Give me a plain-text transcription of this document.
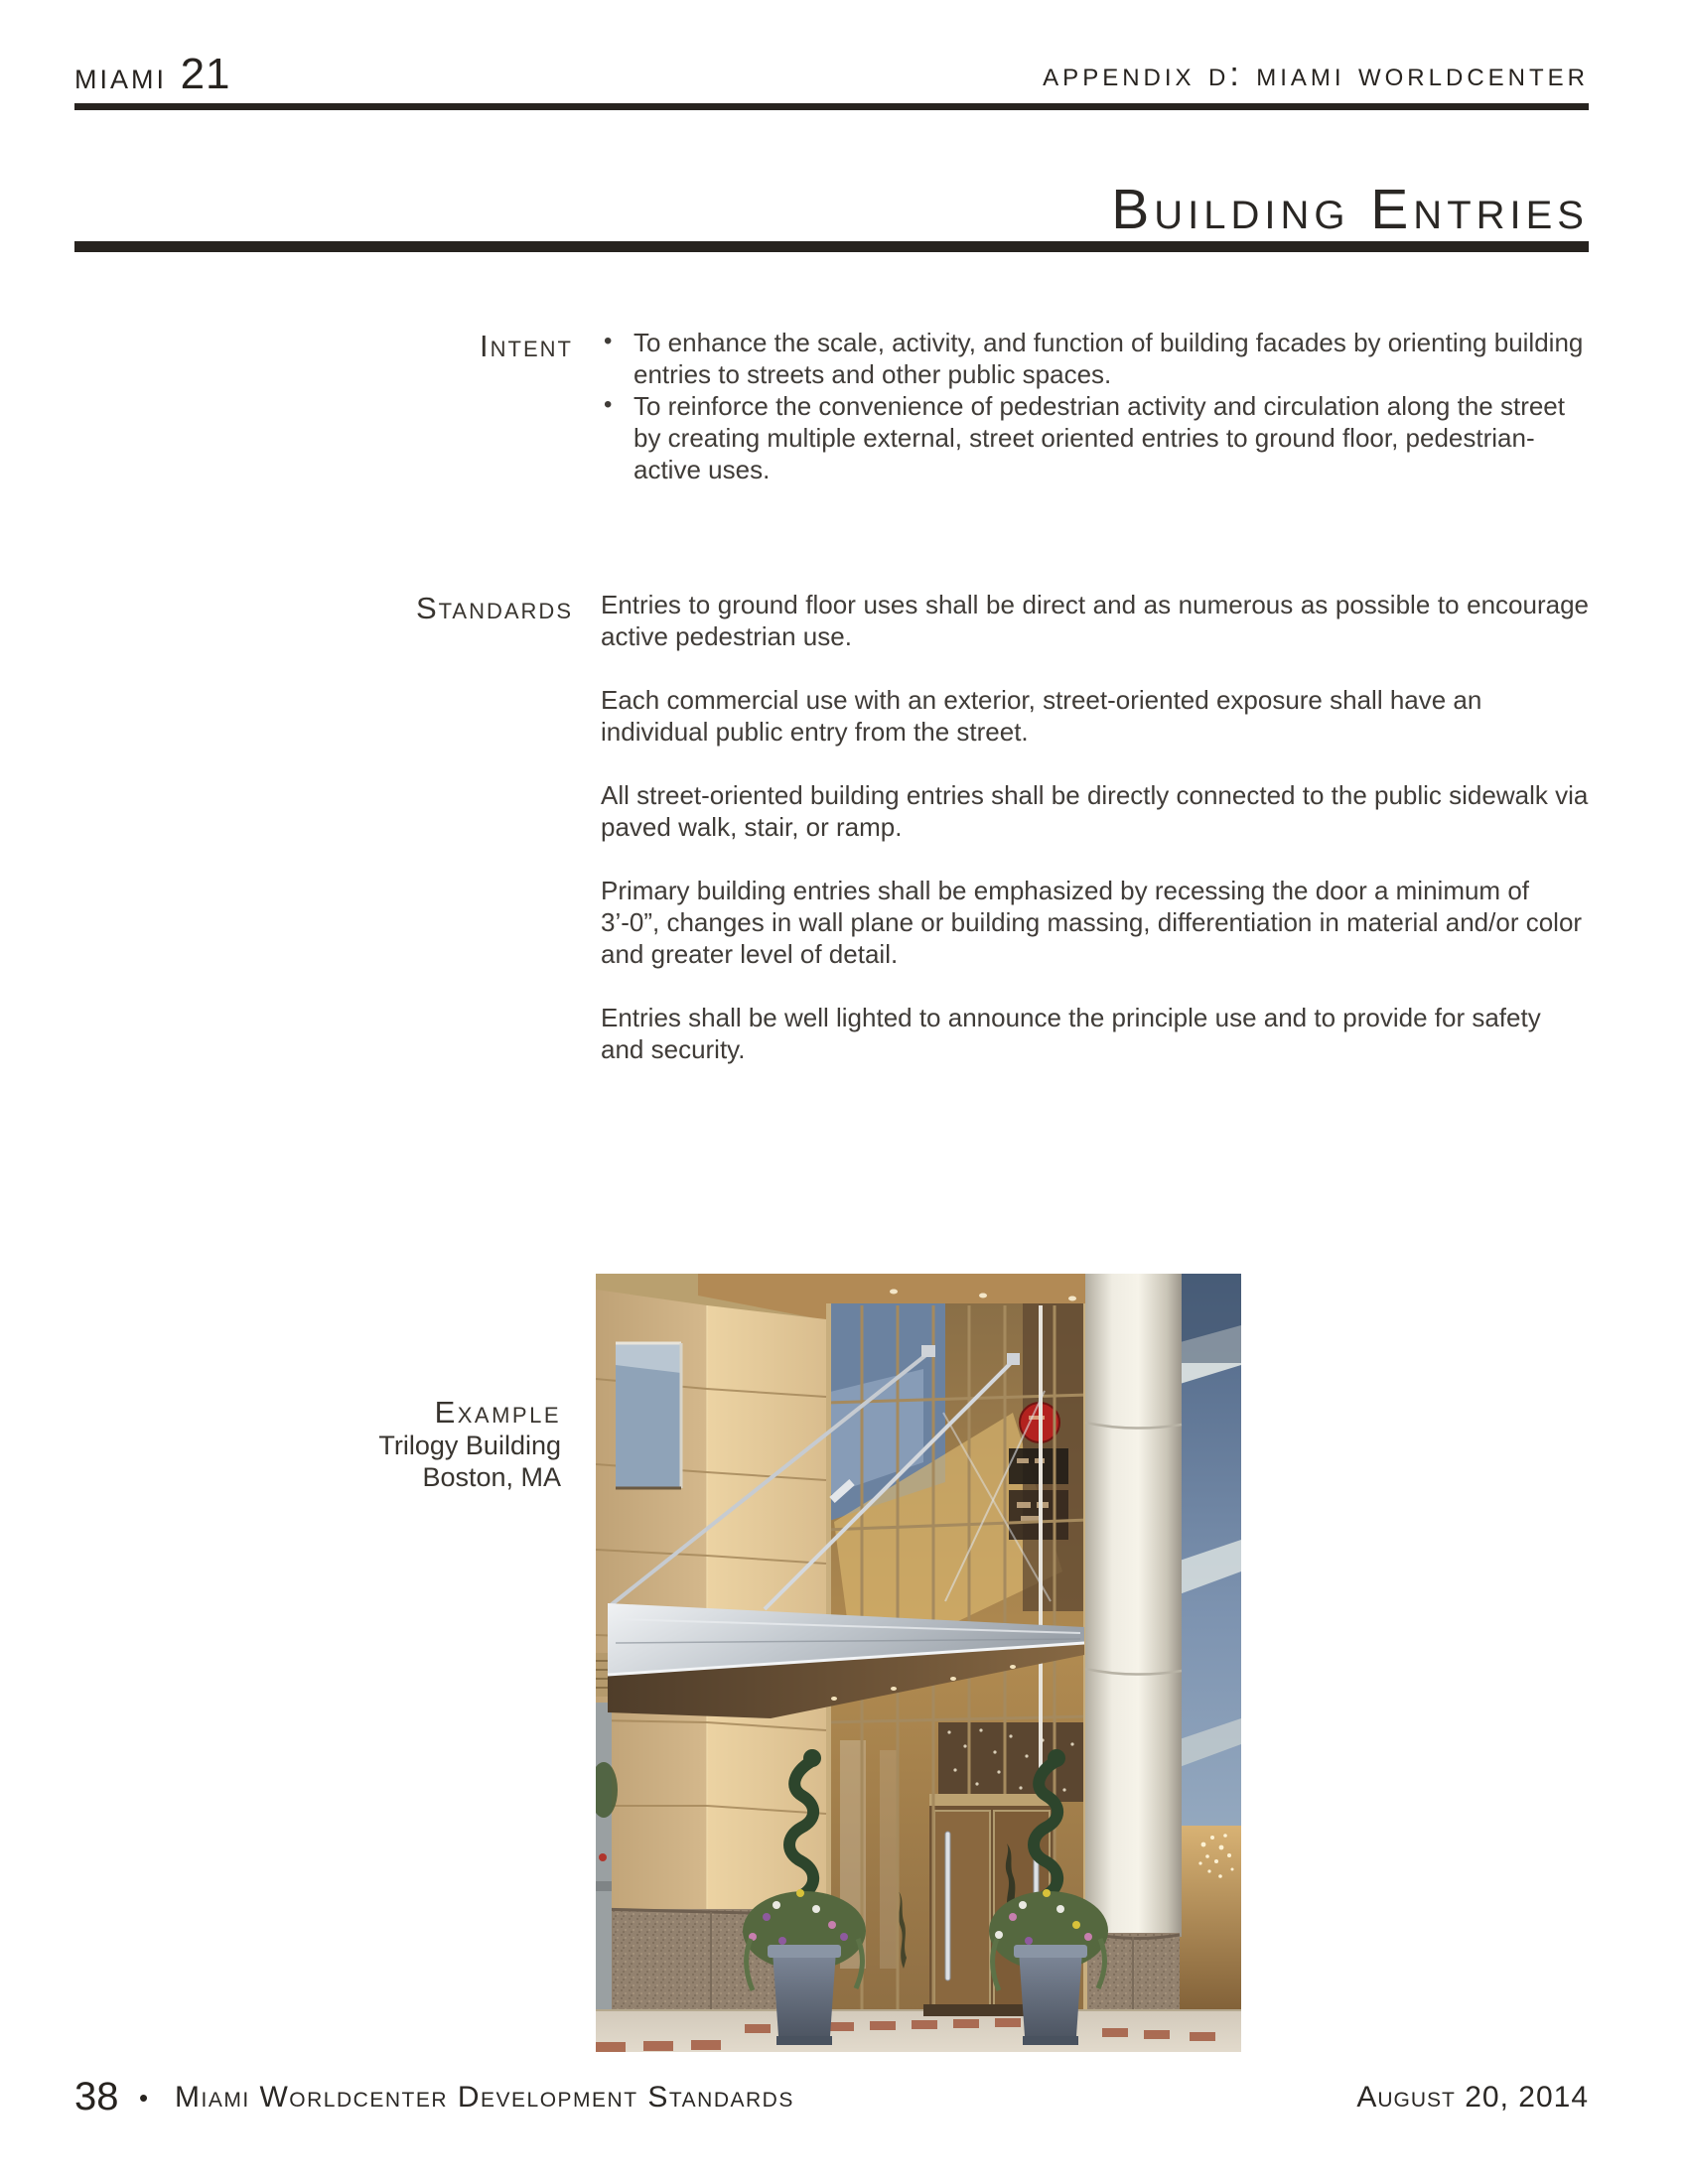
miami 21	appendix d: miami worldcenter
Building Entries
Intent • To enhance the scale, activity, and function of building facades by orienting building entries to streets and other public spaces.
• To reinforce the convenience of pedestrian activity and circulation along the street by creating multiple external, street oriented entries to ground floor, pedestrian-active uses.
Standards Entries to ground floor uses shall be direct and as numerous as possible to encourage active pedestrian use.

Each commercial use with an exterior, street-oriented exposure shall have an individual public entry from the street.

All street-oriented building entries shall be directly connected to the public sidewalk via paved walk, stair, or ramp.

Primary building entries shall be emphasized by recessing the door a minimum of 3’-0”, changes in wall plane or building massing, differentiation in material and/or color and greater level of detail.

Entries shall be well lighted to announce the principle use and to provide for safety and security.

Example
Trilogy Building
Boston, MA
38 • Miami Worldcenter Development Standards	August 20, 2014
